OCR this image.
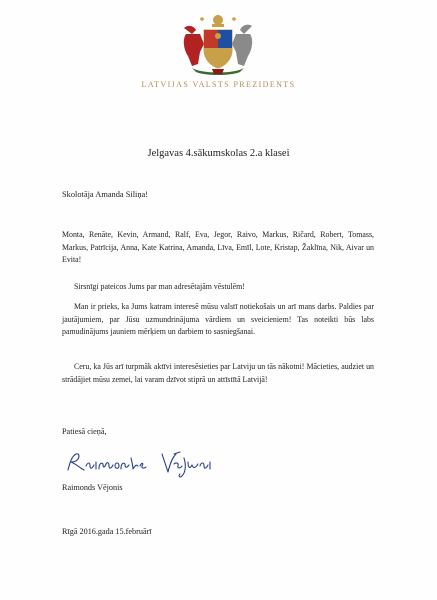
LATVIJAS VALSTS PREZIDENTS
Jelgavas 4.sākumskolas 2.a klasei
Skolotāja Amanda Siliņa!
Monta, Renāte, Kevin, Armand, Ralf, Eva, Jegor, Raivo, Markus, Ričard, Robert, Tomass, Markus, Patrīcija, Anna, Kate Katrina, Amanda, Līva, Emīl, Lote, Kristap, Žaklīna, Nik, Aivar un Evita!
Sirsnīgi pateicos Jums par man adresētajām vēstulēm!
Man ir prieks, ka Jums katram interesē mūsu valstī notiekošais un arī mans darbs. Paldies par jautājumiem, par Jūsu uzmundrinājuma vārdiem un sveicieniem! Tas noteikti būs labs pamudinājums jauniem mērķiem un darbiem to sasniegšanai.
Ceru, ka Jūs arī turpmāk aktīvi interesēsieties par Latviju un tās nākotni! Mācieties, audziet un strādājiet mūsu zemei, lai varam dzīvot stiprā un attīstītā Latvijā!
Patiesā cieņā,
Raimonds Vējonis
Rīgā 2016.gada 15.februārī
